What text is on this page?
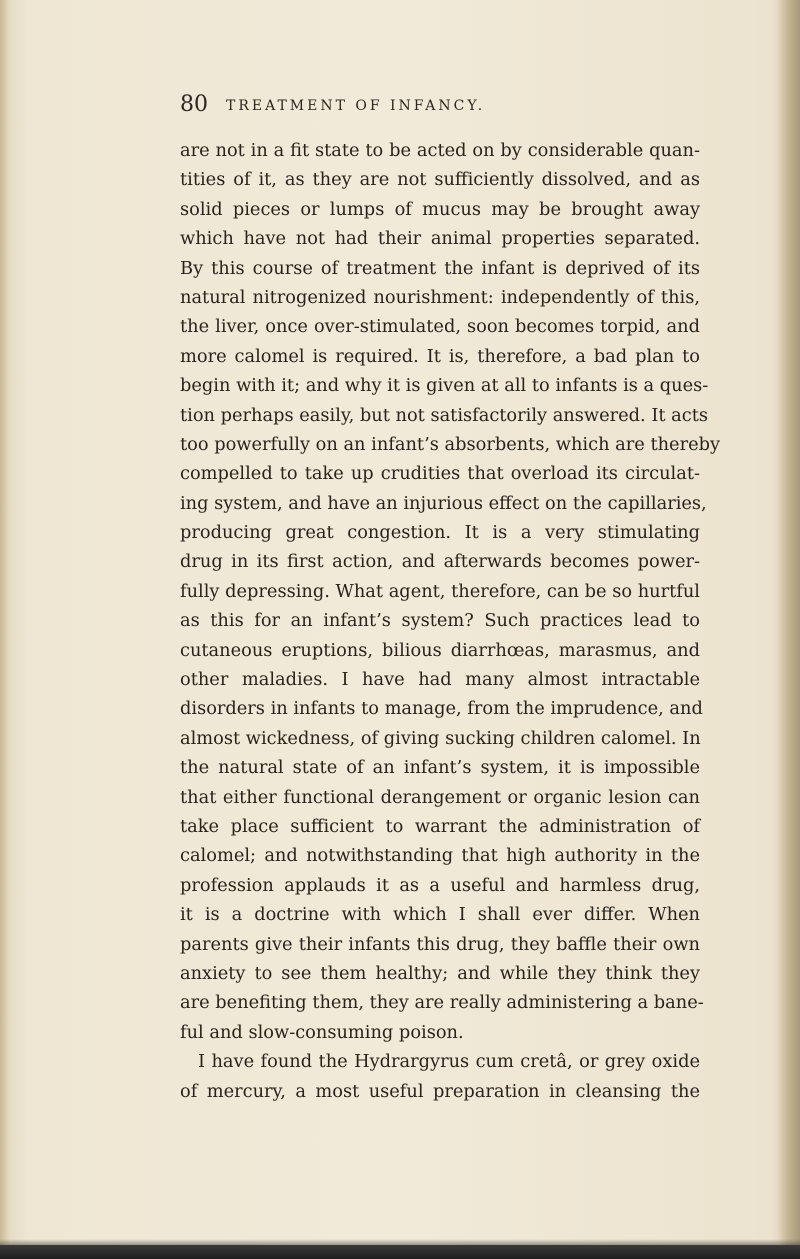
80 TREATMENT OF INFANCY.
are not in a fit state to be acted on by considerable quan-
tities of it, as they are not sufficiently dissolved, and as
solid pieces or lumps of mucus may be brought away
which have not had their animal properties separated.
By this course of treatment the infant is deprived of its
natural nitrogenized nourishment: independently of this,
the liver, once over-stimulated, soon becomes torpid, and
more calomel is required. It is, therefore, a bad plan to
begin with it; and why it is given at all to infants is a ques-
tion perhaps easily, but not satisfactorily answered. It acts
too powerfully on an infant’s absorbents, which are thereby
compelled to take up crudities that overload its circulat-
ing system, and have an injurious effect on the capillaries,
producing great congestion. It is a very stimulating
drug in its first action, and afterwards becomes power-
fully depressing. What agent, therefore, can be so hurtful
as this for an infant’s system? Such practices lead to
cutaneous eruptions, bilious diarrhœas, marasmus, and
other maladies. I have had many almost intractable
disorders in infants to manage, from the imprudence, and
almost wickedness, of giving sucking children calomel. In
the natural state of an infant’s system, it is impossible
that either functional derangement or organic lesion can
take place sufficient to warrant the administration of
calomel; and notwithstanding that high authority in the
profession applauds it as a useful and harmless drug,
it is a doctrine with which I shall ever differ. When
parents give their infants this drug, they baffle their own
anxiety to see them healthy; and while they think they
are benefiting them, they are really administering a bane-
ful and slow-consuming poison.
I have found the Hydrargyrus cum cretâ, or grey oxide
of mercury, a most useful preparation in cleansing the
